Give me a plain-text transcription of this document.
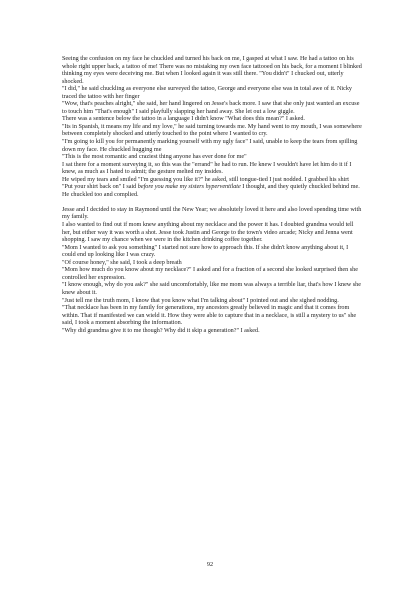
Seeing the confusion on my face he chuckled and turned his back on me, I gasped at what I saw. He had a tattoo on his whole right upper back, a tattoo of me! There was no mistaking my own face tattooed on his back, for a moment I blinked thinking my eyes were deceiving me. But when I looked again it was still there. "You didn't" I chucked out, utterly shocked.

"I did," he said chuckling as everyone else surveyed the tattoo, George and everyone else was in total awe of it. Nicky traced the tattoo with her finger

"Wow, that's peaches alright," she said, her hand lingered on Jesse's back more. I saw that she only just wanted an excuse to touch him "That's enough" I said playfully slapping her hand away. She let out a low giggle.

There was a sentence below the tattoo in a language I didn't know "What does this mean?" I asked.

"Its in Spanish, it means my life and my love," he said turning towards me. My hand went to my mouth, I was somewhere between completely shocked and utterly touched to the point where I wanted to cry.

"I'm going to kill you for permanently marking yourself with my ugly face" I said, unable to keep the tears from spilling down my face. He chuckled hugging me

"This is the most romantic and craziest thing anyone has ever done for me"

I sat there for a moment surveying it, so this was the "errand" he had to run. He knew I wouldn't have let him do it if I knew, as much as I hated to admit; the gesture melted my insides.

He wiped my tears and smiled "I'm guessing you like it?" he asked, still tongue-tied I just nodded. I grabbed his shirt

"Put your shirt back on" I said before you make my sisters hyperventilate I thought, and they quietly chuckled behind me.

He chuckled too and complied.

Jesse and I decided to stay in Raymond until the New Year; we absolutely loved it here and also loved spending time with my family.

I also wanted to find out if mom knew anything about my necklace and the power it has. I doubted grandma would tell her, but either way it was worth a shot. Jesse took Justin and George to the town's video arcade; Nicky and Jenna went shopping. I saw my chance when we were in the kitchen drinking coffee together.

"Mom I wanted to ask you something" I started not sure how to approach this. If she didn't know anything about it, I could end up looking like I was crazy.

"Of course honey," she said, I took a deep breath

"Mom how much do you know about my necklace?" I asked and for a fraction of a second she looked surprised then she controlled her expression.

"I know enough, why do you ask?" she said uncomfortably, like me mom was always a terrible liar, that's how I knew she knew about it.

"Just tell me the truth mom, I know that you know what I'm talking about" I pointed out and she sighed nodding.

"That necklace has been in my family for generations, my ancestors greatly believed in magic and that it comes from within. That if manifested we can wield it. How they were able to capture that in a necklace, is still a mystery to us" she said, I took a moment absorbing the information.

"Why did grandma give it to me though? Why did it skip a generation?" I asked.

92
